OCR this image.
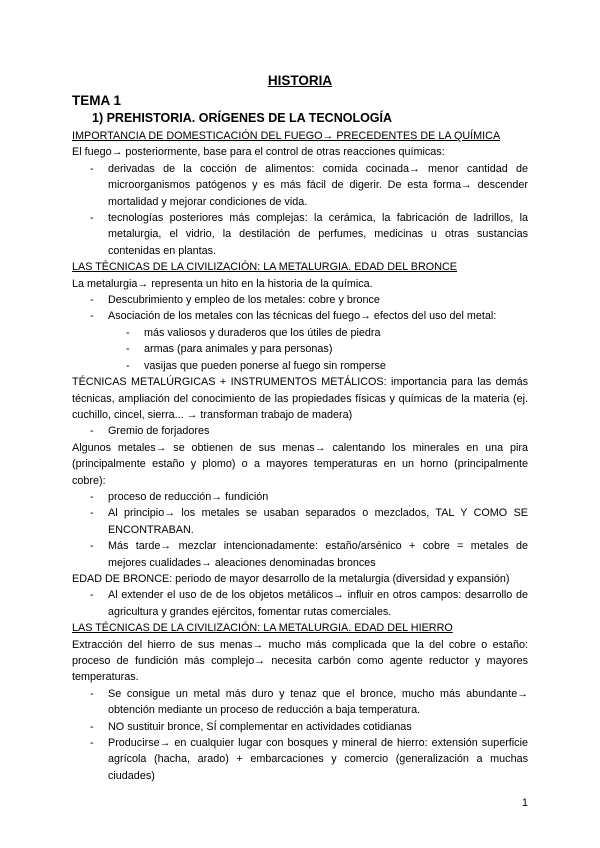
HISTORIA
TEMA 1
1) PREHISTORIA. ORÍGENES DE LA TECNOLOGÍA

IMPORTANCIA DE DOMESTICACIÓN DEL FUEGO→ PRECEDENTES DE LA QUÍMICA

El fuego→ posteriormente, base para el control de otras reacciones químicas:

- derivadas de la cocción de alimentos: comida cocinada→ menor cantidad de microorganismos patógenos y es más fácil de digerir. De esta forma→ descender mortalidad y mejorar condiciones de vida.
- tecnologías posteriores más complejas: la cerámica, la fabricación de ladrillos, la metalurgia, el vidrio, la destilación de perfumes, medicinas u otras sustancias contenidas en plantas.

LAS TÉCNICAS DE LA CIVILIZACIÓN: LA METALURGIA. EDAD DEL BRONCE

La metalurgia→ representa un hito en la historia de la química.

- Descubrimiento y empleo de los metales: cobre y bronce
- Asociación de los metales con las técnicas del fuego→ efectos del uso del metal:
- más valiosos y duraderos que los útiles de piedra
- armas (para animales y para personas)
- vasijas que pueden ponerse al fuego sin romperse

TÉCNICAS METALÚRGICAS + INSTRUMENTOS METÁLICOS: importancia para las demás técnicas, ampliación del conocimiento de las propiedades físicas y químicas de la materia (ej. cuchillo, cincel, sierra... → transforman trabajo de madera)

- Gremio de forjadores

Algunos metales→ se obtienen de sus menas→ calentando los minerales en una pira (principalmente estaño y plomo) o a mayores temperaturas en un horno (principalmente cobre):

- proceso de reducción→ fundición
- Al principio→ los metales se usaban separados o mezclados, TAL Y COMO SE ENCONTRABAN.
- Más tarde→ mezclar intencionadamente: estaño/arsénico + cobre = metales de mejores cualidades→ aleaciones denominadas bronces

EDAD DE BRONCE: periodo de mayor desarrollo de la metalurgia (diversidad y expansión)

- Al extender el uso de de los objetos metálicos→ influir en otros campos: desarrollo de agricultura y grandes ejércitos, fomentar rutas comerciales.

LAS TÉCNICAS DE LA CIVILIZACIÓN: LA METALURGIA. EDAD DEL HIERRO

Extracción del hierro de sus menas→ mucho más complicada que la del cobre o estaño: proceso de fundición más complejo→ necesita carbón como agente reductor y mayores temperaturas.

- Se consigue un metal más duro y tenaz que el bronce, mucho más abundante→ obtención mediante un proceso de reducción a baja temperatura.
- NO sustituir bronce, SÍ complementar en actividades cotidianas
- Producirse→ en cualquier lugar con bosques y mineral de hierro: extensión superficie agrícola (hacha, arado) + embarcaciones y comercio (generalización a muchas ciudades)
1
